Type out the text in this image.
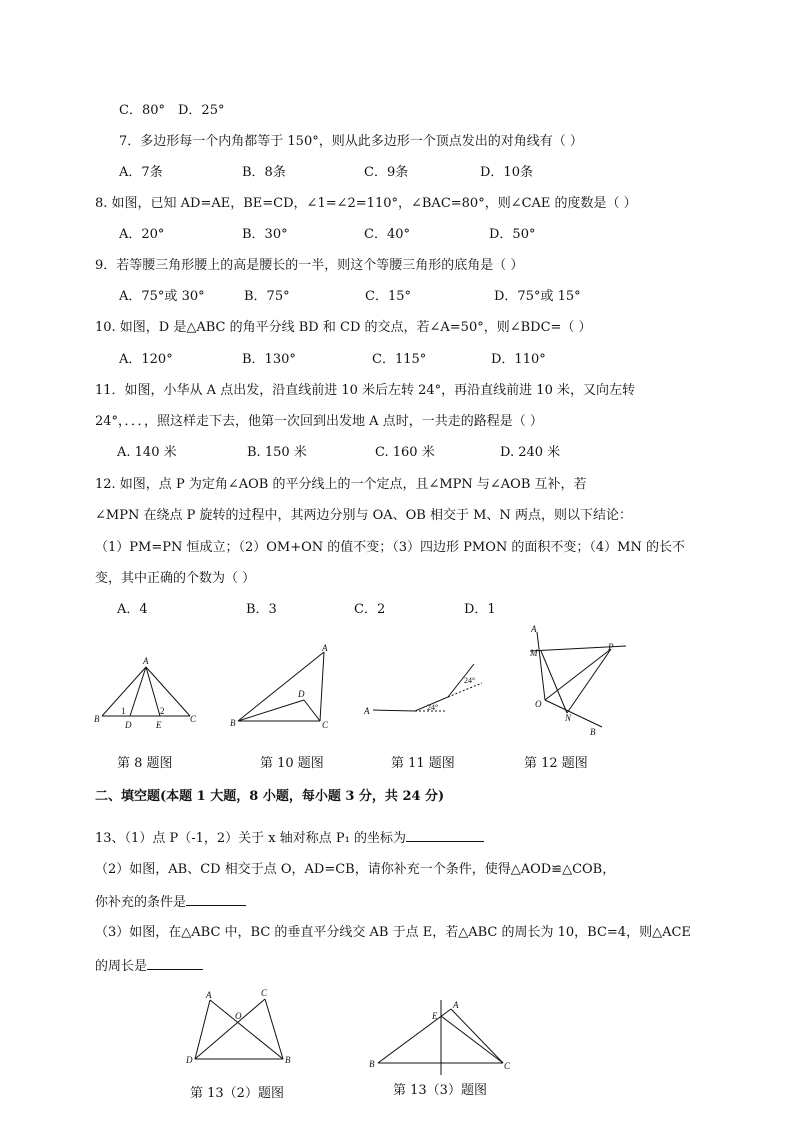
C．80° D．25°
7．多边形每一个内角都等于 150°，则从此多边形一个顶点发出的对角线有（ ）
A．7条	B．8条	C．9条	D．10条
8. 如图，已知 AD=AE，BE=CD，∠1=∠2=110°，∠BAC=80°，则∠CAE 的度数是（ ）
A．20°	B．30°	C．40°	D．50°
9．若等腰三角形腰上的高是腰长的一半，则这个等腰三角形的底角是（ ）
A．75°或 30°	B．75°	C．15°	D．75°或 15°
10. 如图，D 是△ABC 的角平分线 BD 和 CD 的交点，若∠A=50°，则∠BDC=（ ）
A．120°	B．130°	C．115°	D．110°
11．如图，小华从 A 点出发，沿直线前进 10 米后左转 24°，再沿直线前进 10 米，又向左转
24°，．．．，照这样走下去，他第一次回到出发地 A 点时，一共走的路程是（ ）
A. 140 米	B. 150 米	C. 160 米	D. 240 米
12. 如图，点 P 为定角∠AOB 的平分线上的一个定点，且∠MPN 与∠AOB 互补，若
∠MPN 在绕点 P 旋转的过程中，其两边分别与 OA、OB 相交于 M、N 两点，则以下结论：
（1）PM=PN 恒成立；（2）OM+ON 的值不变；（3）四边形 PMON 的面积不变；（4）MN 的长不
变，其中正确的个数为（ ）
A．4	B．3	C．2	D．1
A
B	C
D	E
1	2
A
B	C
D
A	24°
24°
A
M
P
O
N
B
第 8 题图	第 10 题图	第 11 题图	第 12 题图
二、填空题(本题 1 大题，8 小题，每小题 3 分，共 24 分)
13、（1）点 P（-1，2）关于 x 轴对称点 P₁ 的坐标为
（2）如图，AB、CD 相交于点 O，AD=CB，请你补充一个条件，使得△AOD≌△COB，
你补充的条件是
（3）如图，在△ABC 中，BC 的垂直平分线交 AB 于点 E，若△ABC 的周长为 10，BC=4，则△ACE
的周长是
A	C
O
D	B
E
A
B	C
第 13（2）题图	第 13（3）题图
